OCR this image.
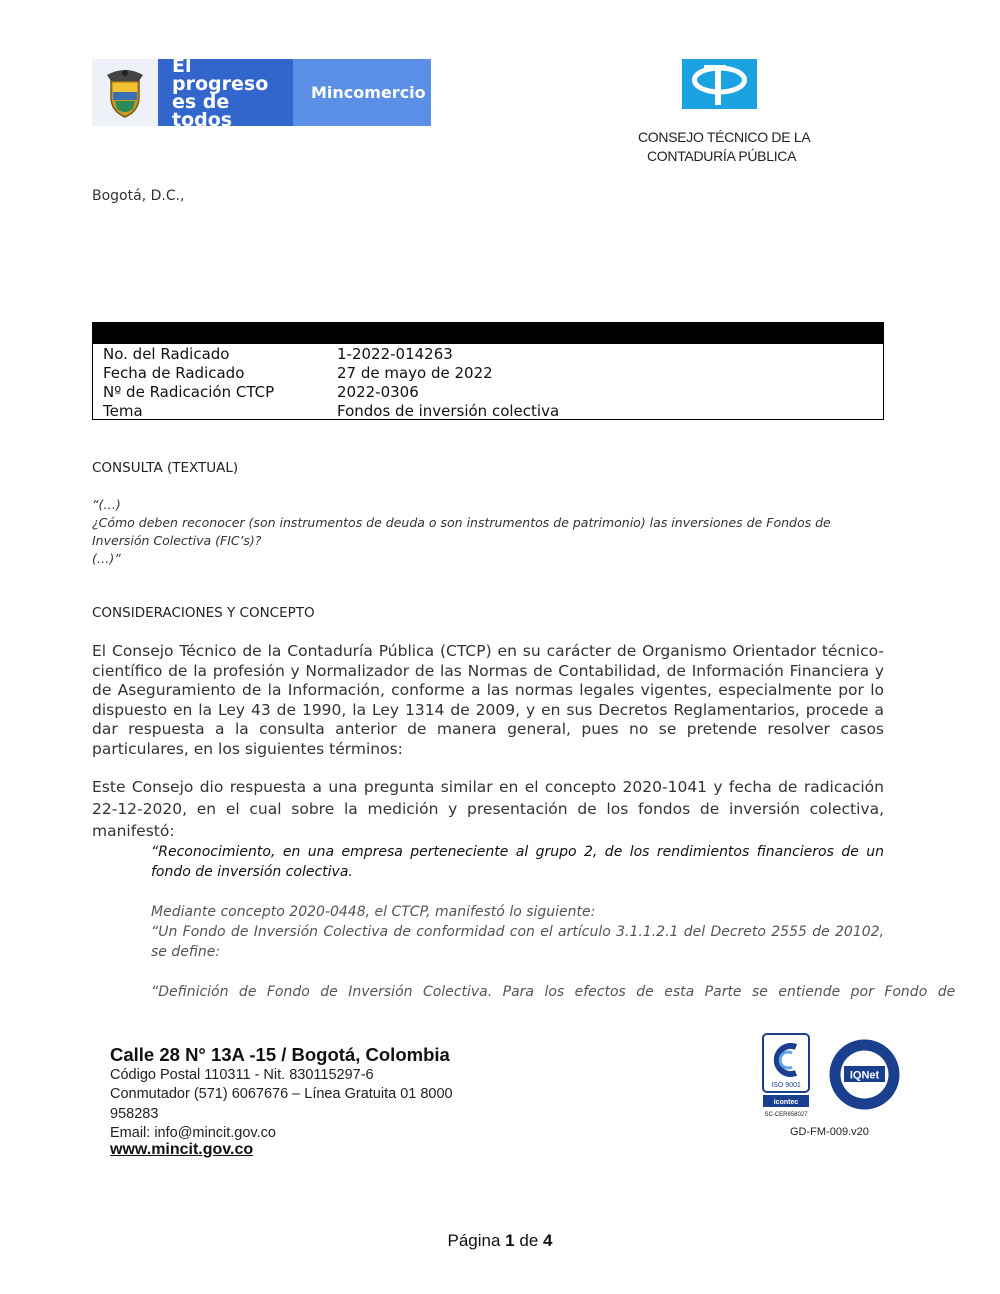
El progreso
es de todos
Mincomercio
CONSEJO TÉCNICO DE LA
CONTADURÍA PÚBLICA
Bogotá, D.C.,
No. del Radicado	1-2022-014263
Fecha de Radicado	27 de mayo de 2022
Nº de Radicación CTCP	2022-0306
Tema	Fondos de inversión colectiva
CONSULTA (TEXTUAL)
“(…)
¿Cómo deben reconocer (son instrumentos de deuda o son instrumentos de patrimonio) las inversiones de Fondos de Inversión Colectiva (FIC’s)?
(…)”
CONSIDERACIONES Y CONCEPTO
El Consejo Técnico de la Contaduría Pública (CTCP) en su carácter de Organismo Orientador técnico-científico de la profesión y Normalizador de las Normas de Contabilidad, de Información Financiera y de Aseguramiento de la Información, conforme a las normas legales vigentes, especialmente por lo dispuesto en la Ley 43 de 1990, la Ley 1314 de 2009, y en sus Decretos Reglamentarios, procede a dar respuesta a la consulta anterior de manera general, pues no se pretende resolver casos particulares, en los siguientes términos:
Este Consejo dio respuesta a una pregunta similar en el concepto 2020-1041 y fecha de radicación 22-12-2020, en el cual sobre la medición y presentación de los fondos de inversión colectiva, manifestó:
“Reconocimiento, en una empresa perteneciente al grupo 2, de los rendimientos financieros de un fondo de inversión colectiva.
Mediante concepto 2020-0448, el CTCP, manifestó lo siguiente:
“Un Fondo de Inversión Colectiva de conformidad con el artículo 3.1.1.2.1 del Decreto 2555 de 20102, se define:
“Definición de Fondo de Inversión Colectiva. Para los efectos de esta Parte se entiende por Fondo de
Calle 28 N° 13A -15 / Bogotá, Colombia
Código Postal 110311 - Nit. 830115297-6
Conmutador (571) 6067676 – Línea Gratuita 01 8000 958283
Email: info@mincit.gov.co
www.mincit.gov.co
ISO 9001
icontec
SC-CER658027
IQNet
GD-FM-009.v20
Página 1 de 4
